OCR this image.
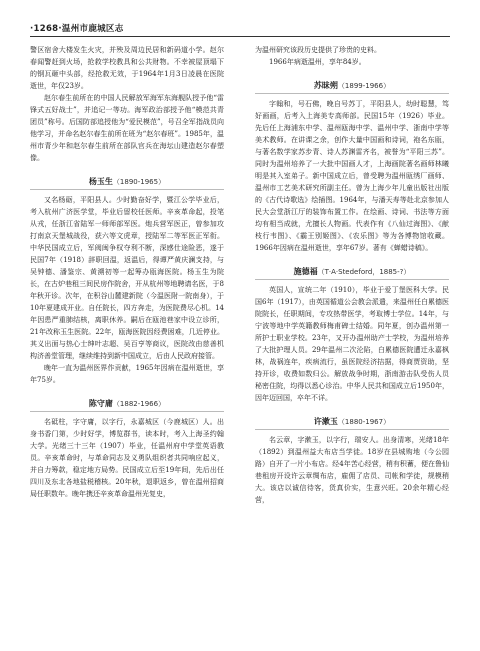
·1268·温州市鹿城区志

警区宿舍大楼发生火灾，并殃及周边民居和新码道小学。赵尔春闻警赶到火场，抢救学校教具和公共财物。不幸被屋顶塌下的钢瓦砸中头部，经抢救无效，于1964年1月3日凌晨在医院逝世，年仅23岁。

赵尔春生前所在的中国人民解放军海军东海舰队授予他“雷锋式五好战士”，并追记一等功。海军政治部授予他“模范共青团员”称号。后国防部追授他为“爱民模范”，号召全军指战员向他学习，并命名赵尔春生前所在班为“赵尔春班”。1985年，温州市青少年和赵尔春生前所在部队官兵在海坛山建造赵尔春塑像。

杨玉生（1890-1965）

又名杨砺，平阳县人。少时勤奋好学，暨江公学毕业后，考入杭州广济医学堂，毕业后留校任医师。辛亥革命起，投笔从戎，任浙江省陆军一师师部军医。炮兵营军医正，曾参加攻打南京天堡城战役，获六等文虎章，授陆军二等军医正军衔。中华民国成立后，军阀闽争权夺利不断，深感仕途险恶，遂于民国7年（1918）辞职回温，返温后，得谭严黄庆澜支持，与吴钟德、潘鉴宗、黄溯初等一起筹办瓯海医院。杨玉生为院长，在古炉巷租三间民房作院舍，开从杭州等地聘请名医，于8年秋开诊。次年，在积谷山麓建新院（今温医附一院南身），于10年夏建成开业。自任院长，四方奔走，为医院费尽心机。14年因患严重肺结核，离职休养。嗣后在瓯池巷家中设立诊所，21年改称玉生医院。22年，瓯海医院因经费困难，几近停业。其义出面与热心士绅叶志超、吴百亨等商议，医院改由慈善机构济善堂管理，继续维持到新中国成立，后由人民政府接管。

晚年一直为温州医界作贡献，1965年因病在温州逝世，享年75岁。

陈守庸（1882-1966）

名砥柱，字守庸，以字行，永嘉城区（今鹿城区）人。出身书香门第，少时好学，博览群书，读本时，考入上海圣约翰大学。光绪三十三年（1907）毕业，任温州府中学堂英语教员。辛亥革命时，与革命同志及义勇队组织者共同响应起义，并自力筹款，稳定地方局势。民国成立后至19年间，先后出任四川及东北各地盐税稽核。20年秋，退职返乡，曾在温州招商局任职数年。晚年携还辛亥革命温州光复史，

为温州研究该段历史提供了珍贵的史料。

1966年病逝温州，享年84岁。

苏昧朔（1899-1966）

字翰和，号石佛，晚自号苏丁，平阳县人，幼时聪慧，笃好画画，后考入上海美专高师部。民国15年（1926）毕业。先后任上海浦东中学、温州瓯海中学、温州中学、浙南中学等美术教师。在讲课之余，创作大量中国画和诗词，袍名东瓯，与著名数学家苏步青、诗人苏渊雷齐名，被誉为“平阳三苏”。同时为温州培养了一大批中国画人才，上海画院著名画师林曦明是其入室弟子。新中国成立后，曾受聘为温州瓯绣厂画师、温州市工艺美术研究所副主任。曾为上海少年儿童出版社出版的《古代诗歌选》绘插图。1964年，与潘天寿等赴北京参加人民大会堂浙江厅的装饰布置工作。在绘画、诗词、书法等方面均有相当成就，尤擅长人物画。代表作有《八仙过海图》、《献枝行韦图》、《霸王别姬图》、《农乐图》等为各博物馆收藏。1966年因病在温州逝世，享年67岁。著有《蝉蜡诗稿》。

施德福（T·A·Stedeford，1885-?）

英国人，宣统二年（1910），毕业于爱丁堡医科大学。民国6年（1917），由英国循道公会教会派遣，来温州任白累德医院院长，任职期间，专攻热带医学，考取博士学位。14年，与宁波等地中学英籍教师梅甫碑士结婚。同年夏，创办温州第一所护士职业学校。23年，又开办温州助产士学校，为温州培养了大批护理人员。29年温州二次沦陷，白累德医院遭迁永嘉枫林，战祸连年，疾病流行，虽医院经济拮据，得商贾资助，坚持开诊，收费如数归公。解放战争时期，浙南游击队受伤人员秘密住院，均得以悉心诊治。中华人民共和国成立后1950年，因年迈回国，卒年不详。

许漱玉（1880-1967）

名云章，字漱玉，以字行，瑞安人。出身清寒，光绪18年（1892）到温州益大布店当学徒。18岁在县城购地（今公园路）自开了一片小布店。经4年苦心经营，稍有积蓄，便在鲁仙巷租房开设许云章绸布店，雇佣了店员、司帐和学徒，规模稍大。该店以诚信待客，货真价实，生意兴旺。20余年精心经营，
